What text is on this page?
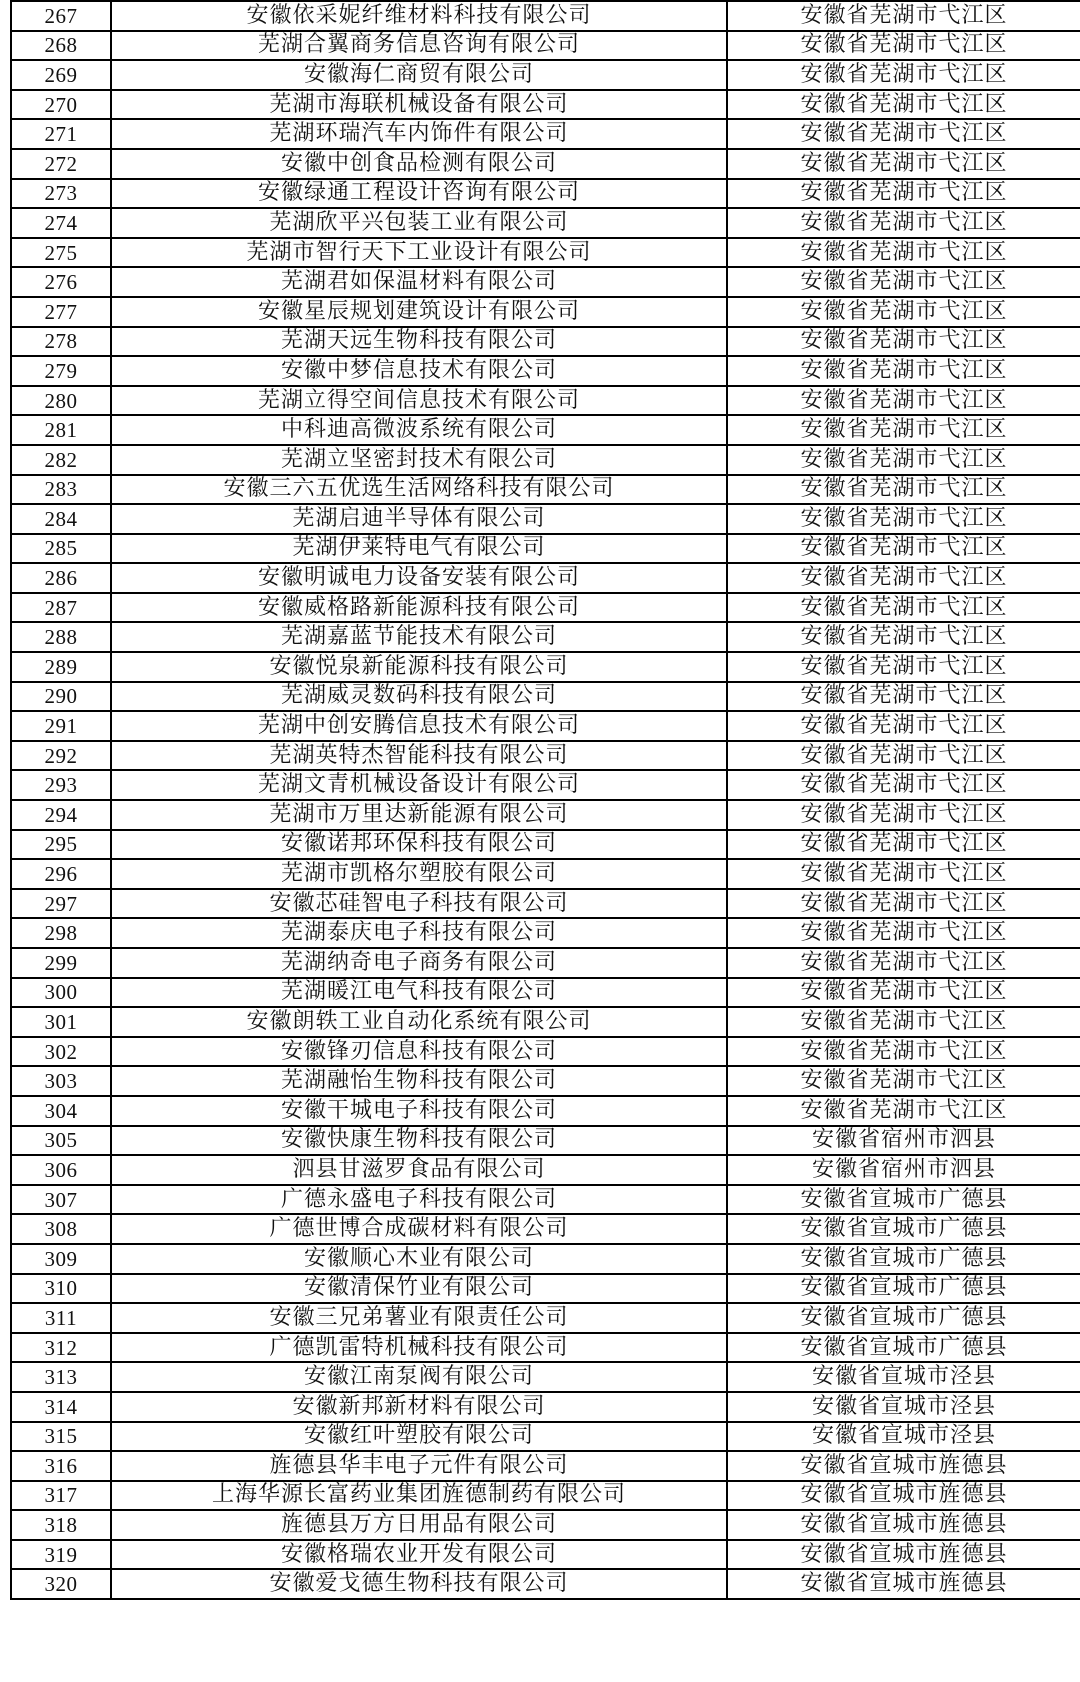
267	安徽依采妮纤维材料科技有限公司	安徽省芜湖市弋江区
268	芜湖合翼商务信息咨询有限公司	安徽省芜湖市弋江区
269	安徽海仁商贸有限公司	安徽省芜湖市弋江区
270	芜湖市海联机械设备有限公司	安徽省芜湖市弋江区
271	芜湖环瑞汽车内饰件有限公司	安徽省芜湖市弋江区
272	安徽中创食品检测有限公司	安徽省芜湖市弋江区
273	安徽绿通工程设计咨询有限公司	安徽省芜湖市弋江区
274	芜湖欣平兴包装工业有限公司	安徽省芜湖市弋江区
275	芜湖市智行天下工业设计有限公司	安徽省芜湖市弋江区
276	芜湖君如保温材料有限公司	安徽省芜湖市弋江区
277	安徽星辰规划建筑设计有限公司	安徽省芜湖市弋江区
278	芜湖天远生物科技有限公司	安徽省芜湖市弋江区
279	安徽中梦信息技术有限公司	安徽省芜湖市弋江区
280	芜湖立得空间信息技术有限公司	安徽省芜湖市弋江区
281	中科迪高微波系统有限公司	安徽省芜湖市弋江区
282	芜湖立坚密封技术有限公司	安徽省芜湖市弋江区
283	安徽三六五优选生活网络科技有限公司	安徽省芜湖市弋江区
284	芜湖启迪半导体有限公司	安徽省芜湖市弋江区
285	芜湖伊莱特电气有限公司	安徽省芜湖市弋江区
286	安徽明诚电力设备安装有限公司	安徽省芜湖市弋江区
287	安徽威格路新能源科技有限公司	安徽省芜湖市弋江区
288	芜湖嘉蓝节能技术有限公司	安徽省芜湖市弋江区
289	安徽悦泉新能源科技有限公司	安徽省芜湖市弋江区
290	芜湖威灵数码科技有限公司	安徽省芜湖市弋江区
291	芜湖中创安腾信息技术有限公司	安徽省芜湖市弋江区
292	芜湖英特杰智能科技有限公司	安徽省芜湖市弋江区
293	芜湖文青机械设备设计有限公司	安徽省芜湖市弋江区
294	芜湖市万里达新能源有限公司	安徽省芜湖市弋江区
295	安徽诺邦环保科技有限公司	安徽省芜湖市弋江区
296	芜湖市凯格尔塑胶有限公司	安徽省芜湖市弋江区
297	安徽芯硅智电子科技有限公司	安徽省芜湖市弋江区
298	芜湖泰庆电子科技有限公司	安徽省芜湖市弋江区
299	芜湖纳奇电子商务有限公司	安徽省芜湖市弋江区
300	芜湖暖江电气科技有限公司	安徽省芜湖市弋江区
301	安徽朗轶工业自动化系统有限公司	安徽省芜湖市弋江区
302	安徽锋刃信息科技有限公司	安徽省芜湖市弋江区
303	芜湖融怡生物科技有限公司	安徽省芜湖市弋江区
304	安徽干城电子科技有限公司	安徽省芜湖市弋江区
305	安徽快康生物科技有限公司	安徽省宿州市泗县
306	泗县甘滋罗食品有限公司	安徽省宿州市泗县
307	广德永盛电子科技有限公司	安徽省宣城市广德县
308	广德世博合成碳材料有限公司	安徽省宣城市广德县
309	安徽顺心木业有限公司	安徽省宣城市广德县
310	安徽清保竹业有限公司	安徽省宣城市广德县
311	安徽三兄弟薯业有限责任公司	安徽省宣城市广德县
312	广德凯雷特机械科技有限公司	安徽省宣城市广德县
313	安徽江南泵阀有限公司	安徽省宣城市泾县
314	安徽新邦新材料有限公司	安徽省宣城市泾县
315	安徽红叶塑胶有限公司	安徽省宣城市泾县
316	旌德县华丰电子元件有限公司	安徽省宣城市旌德县
317	上海华源长富药业集团旌德制药有限公司	安徽省宣城市旌德县
318	旌德县万方日用品有限公司	安徽省宣城市旌德县
319	安徽格瑞农业开发有限公司	安徽省宣城市旌德县
320	安徽爱戈德生物科技有限公司	安徽省宣城市旌德县
